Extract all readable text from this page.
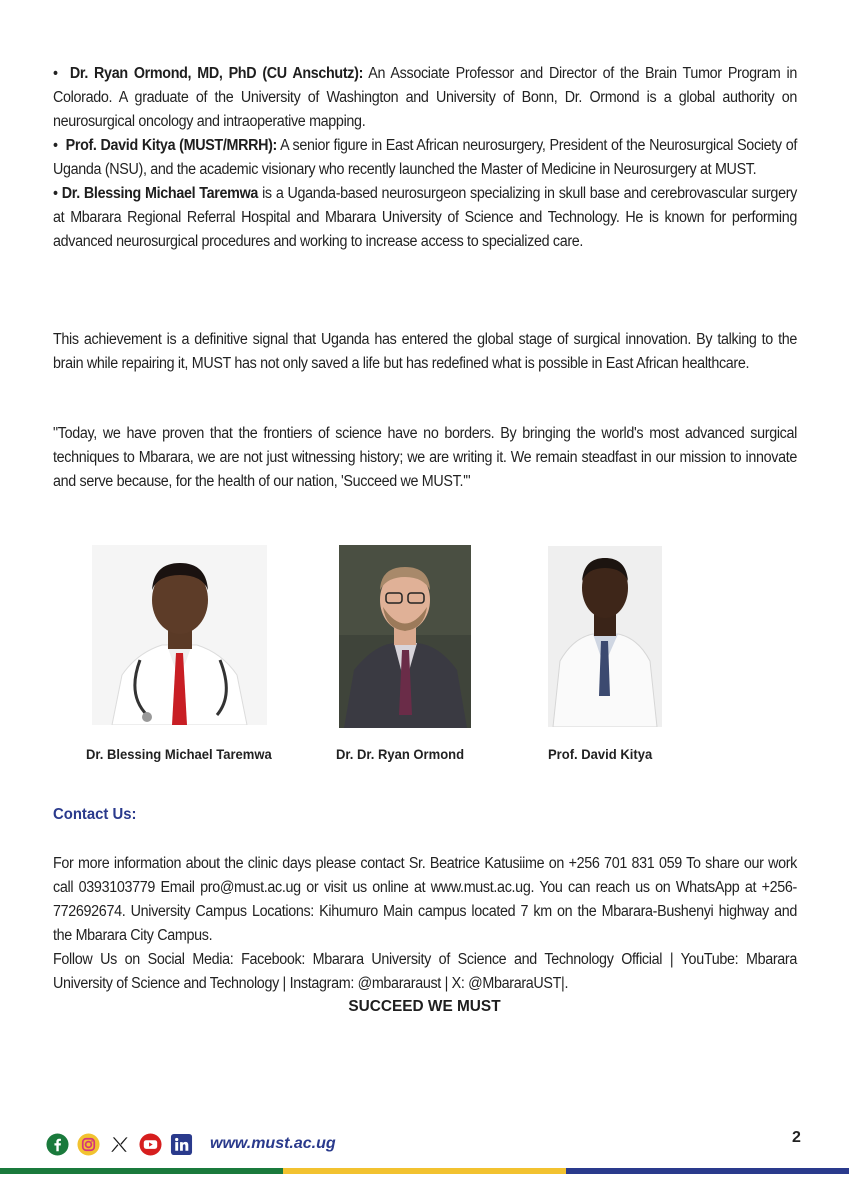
• Dr. Ryan Ormond, MD, PhD (CU Anschutz): An Associate Professor and Director of the Brain Tumor Program in Colorado. A graduate of the University of Washington and University of Bonn, Dr. Ormond is a global authority on neurosurgical oncology and intraoperative mapping.

• Prof. David Kitya (MUST/MRRH): A senior figure in East African neurosurgery, President of the Neurosurgical Society of Uganda (NSU), and the academic visionary who recently launched the Master of Medicine in Neurosurgery at MUST.

• Dr. Blessing Michael Taremwa is a Uganda-based neurosurgeon specializing in skull base and cerebrovascular surgery at Mbarara Regional Referral Hospital and Mbarara University of Science and Technology. He is known for performing advanced neurosurgical procedures and working to increase access to specialized care.

This achievement is a definitive signal that Uganda has entered the global stage of surgical innovation. By talking to the brain while repairing it, MUST has not only saved a life but has redefined what is possible in East African healthcare.
"Today, we have proven that the frontiers of science have no borders. By bringing the world's most advanced surgical techniques to Mbarara, we are not just witnessing history; we are writing it. We remain steadfast in our mission to innovate and serve because, for the health of our nation, 'Succeed we MUST.'"
Dr. Blessing Michael Taremwa	Dr. Dr. Ryan Ormond	Prof. David Kitya
Contact Us:

For more information about the clinic days please contact Sr. Beatrice Katusiime on +256 701 831 059 To share our work call 0393103779 Email pro@must.ac.ug or visit us online at www.must.ac.ug. You can reach us on WhatsApp at +256-772692674. University Campus Locations: Kihumuro Main campus located 7 km on the Mbarara-Bushenyi highway and the Mbarara City Campus.

Follow Us on Social Media: Facebook: Mbarara University of Science and Technology Official | YouTube: Mbarara University of Science and Technology | Instagram: @mbararaust | X: @MbararaUST|.

SUCCEED WE MUST
www.must.ac.ug	2
